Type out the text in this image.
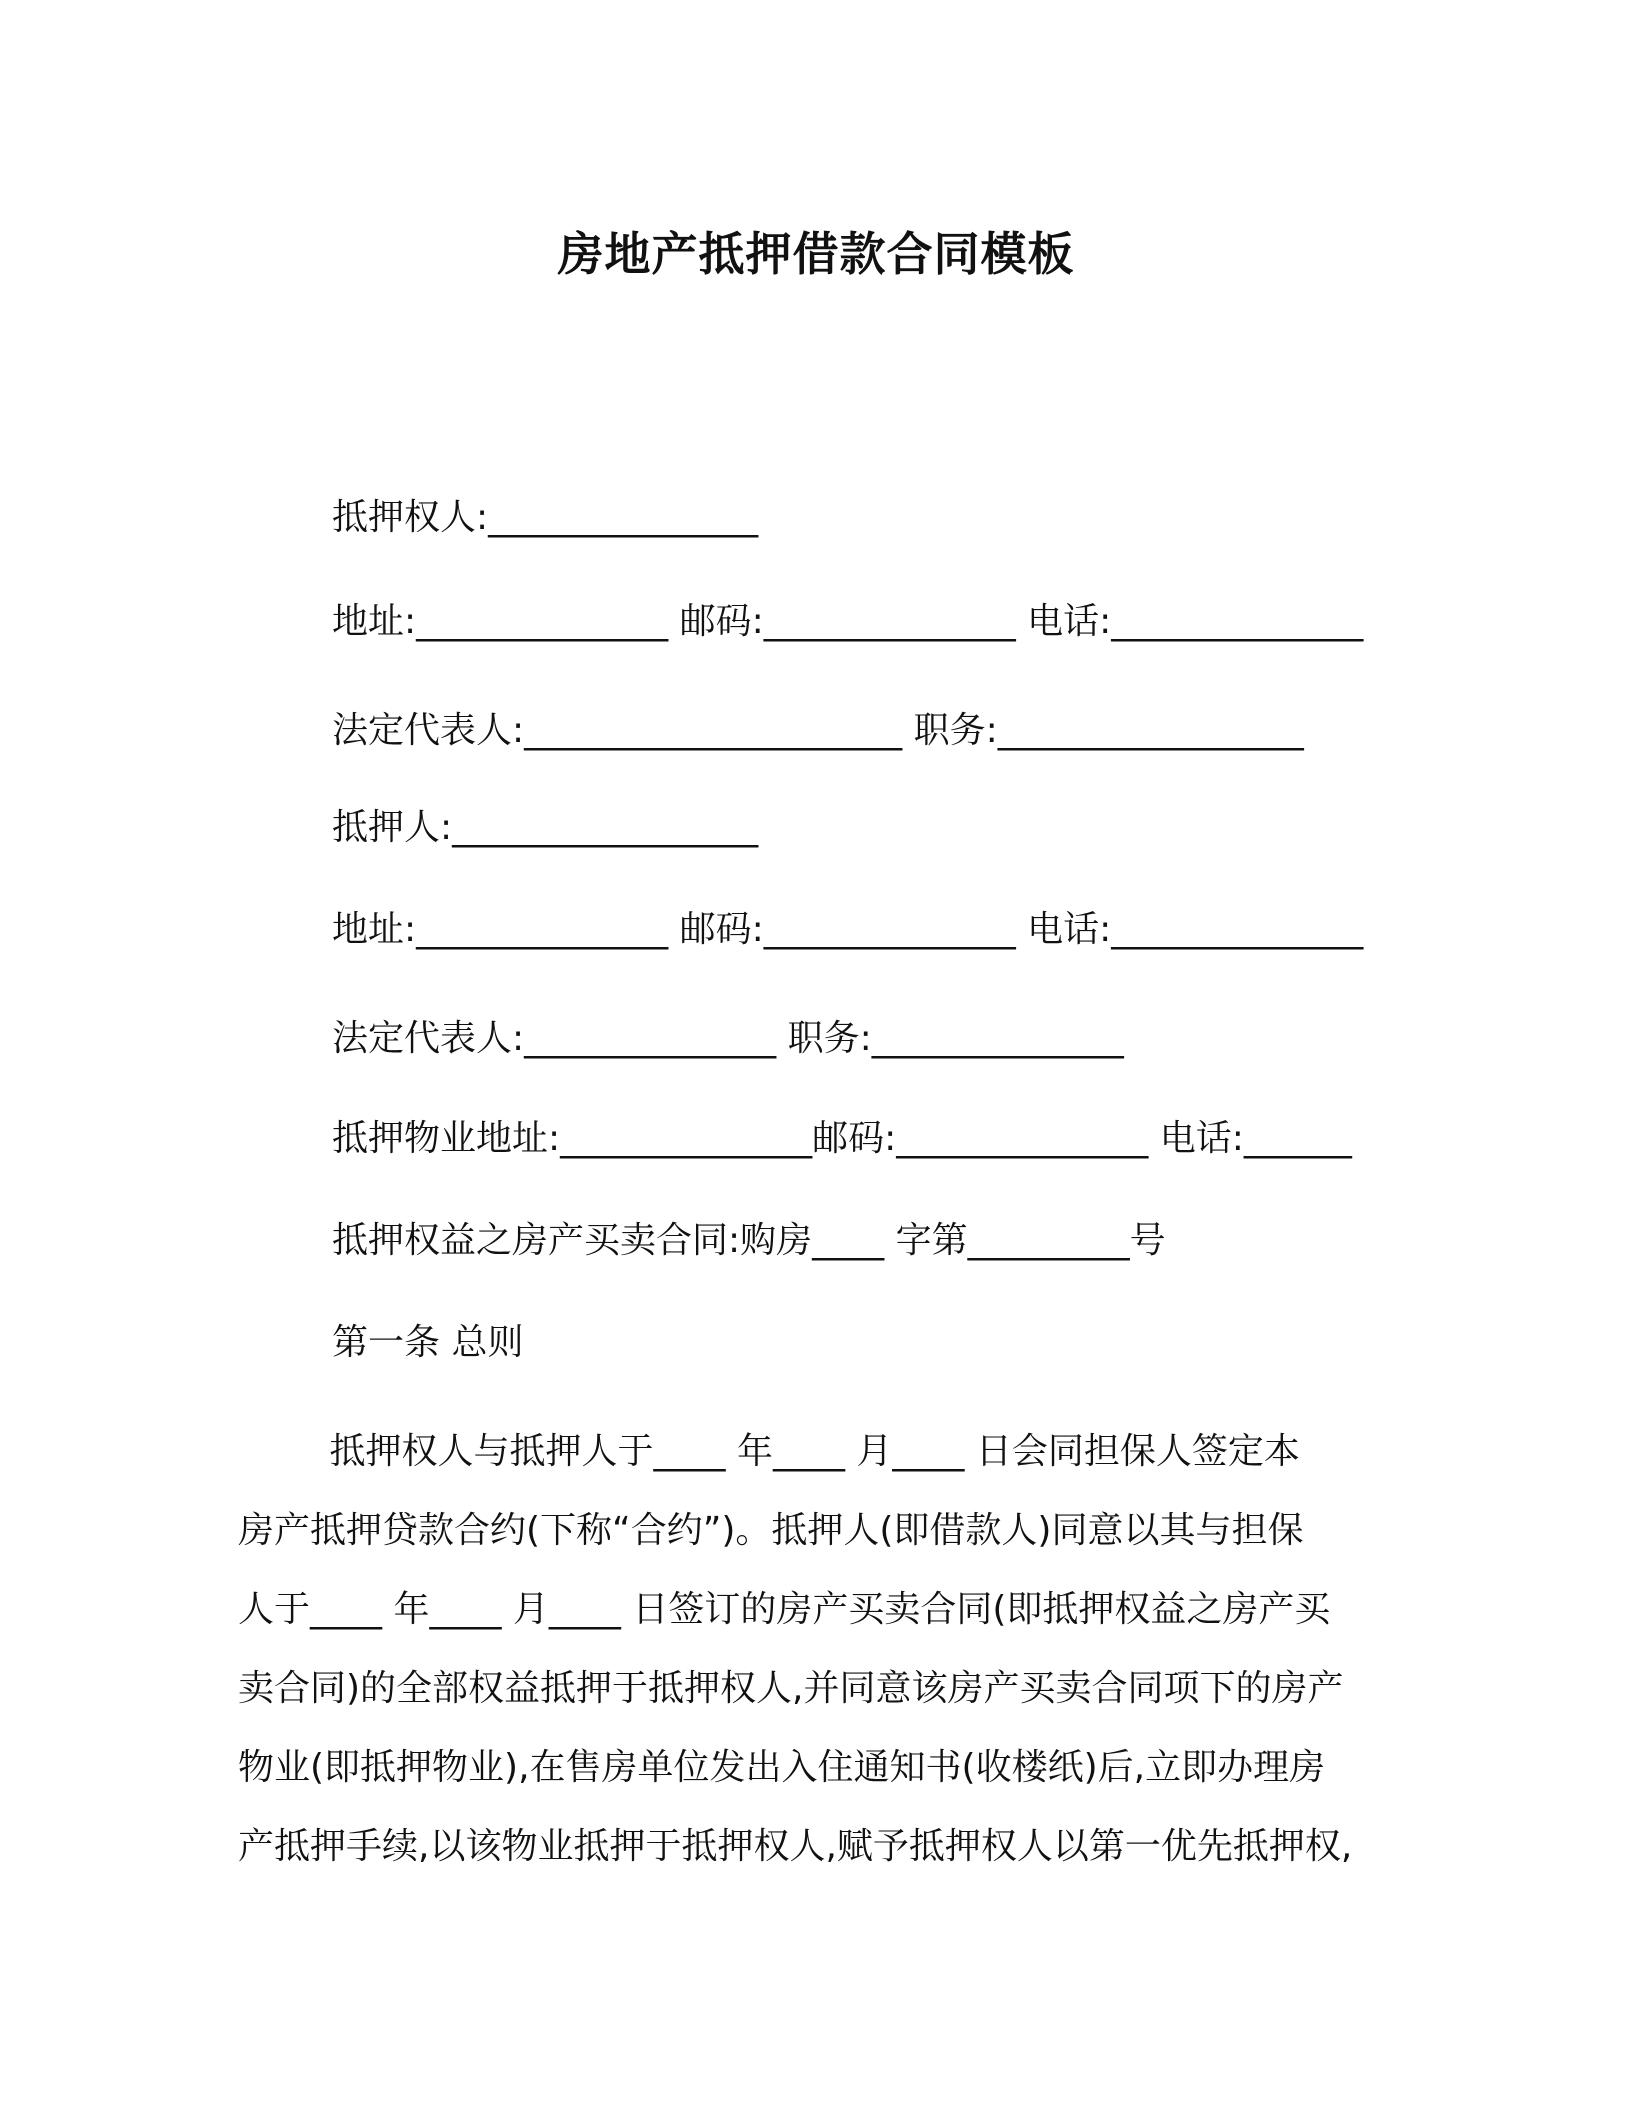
房地产抵押借款合同模板
抵押权人:_______________
地址:______________ 邮码:______________ 电话:______________
法定代表人:_____________________ 职务:_________________
抵押人:_________________
地址:______________ 邮码:______________ 电话:______________
法定代表人:______________ 职务:______________
抵押物业地址:______________邮码:______________ 电话:______
抵押权益之房产买卖合同:购房____ 字第_________号
第一条 总则
抵押权人与抵押人于____ 年____ 月____ 日会同担保人签定本
房产抵押贷款合约(下称“合约”)。抵押人(即借款人)同意以其与担保
人于____ 年____ 月____ 日签订的房产买卖合同(即抵押权益之房产买
卖合同)的全部权益抵押于抵押权人,并同意该房产买卖合同项下的房产
物业(即抵押物业),在售房单位发出入住通知书(收楼纸)后,立即办理房
产抵押手续,以该物业抵押于抵押权人,赋予抵押权人以第一优先抵押权,
